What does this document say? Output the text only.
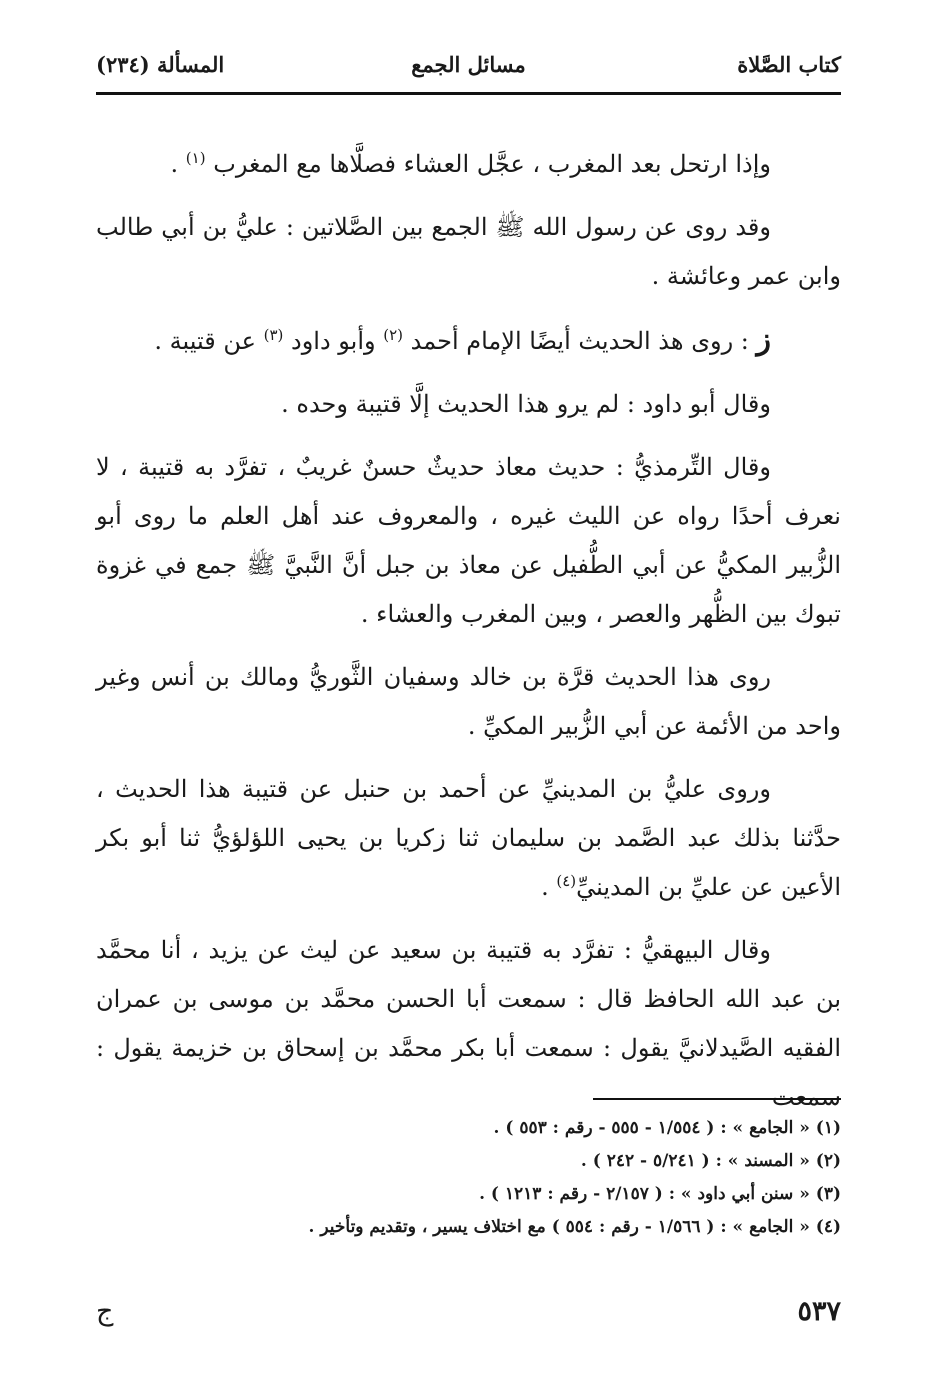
كتاب الصَّلاة
مسائل الجمع
المسألة (٢٣٤)

وإذا ارتحل بعد المغرب ، عجَّل العشاء فصلَّاها مع المغرب $^{(١)}$ .

وقد روى عن رسول الله ﷺ الجمع بين الصَّلاتين : عليُّ بن أبي طالب وابن عمر وعائشة .

ز : روى هذ الحديث أيضًا الإمام أحمد $^{(٢)}$ وأبو داود $^{(٣)}$ عن قتيبة .

وقال أبو داود : لم يرو هذا الحديث إلَّا قتيبة وحده .

وقال التِّرمذيُّ : حديث معاذ حديثٌ حسنٌ غريبٌ ، تفرَّد به قتيبة ، لا نعرف أحدًا رواه عن الليث غيره ، والمعروف عند أهل العلم ما روى أبو الزُّبير المكيُّ عن أبي الطُّفيل عن معاذ بن جبل أنَّ النَّبيَّ ﷺ جمع في غزوة تبوك بين الظُّهر والعصر ، وبين المغرب والعشاء .

روى هذا الحديث قرَّة بن خالد وسفيان الثَّوريُّ ومالك بن أنس وغير واحد من الأئمة عن أبي الزُّبير المكيِّ .

وروى عليُّ بن المدينيِّ عن أحمد بن حنبل عن قتيبة هذا الحديث ، حدَّثنا بذلك عبد الصَّمد بن سليمان ثنا زكريا بن يحيى اللؤلؤيُّ ثنا أبو بكر الأعين عن عليِّ بن المدينيِّ$^{(٤)}$ .

وقال البيهقيُّ : تفرَّد به قتيبة بن سعيد عن ليث عن يزيد ، أنا محمَّد بن عبد الله الحافظ قال : سمعت أبا الحسن محمَّد بن موسى بن عمران الفقيه الصَّيدلانيَّ يقول : سمعت أبا بكر محمَّد بن إسحاق بن خزيمة يقول : سمعت

(١) « الجامع » : ( ١/٥٥٤ - ٥٥٥ - رقم : ٥٥٣ ) .
(٢) « المسند » : ( ٥/٢٤١ - ٢٤٢ ) .
(٣) « سنن أبي داود » : ( ٢/١٥٧ - رقم : ١٢١٣ ) .
(٤) « الجامع » : ( ١/٥٦٦ - رقم : ٥٥٤ ) مع اختلاف يسير ، وتقديم وتأخير .
٥٣٧
ج
